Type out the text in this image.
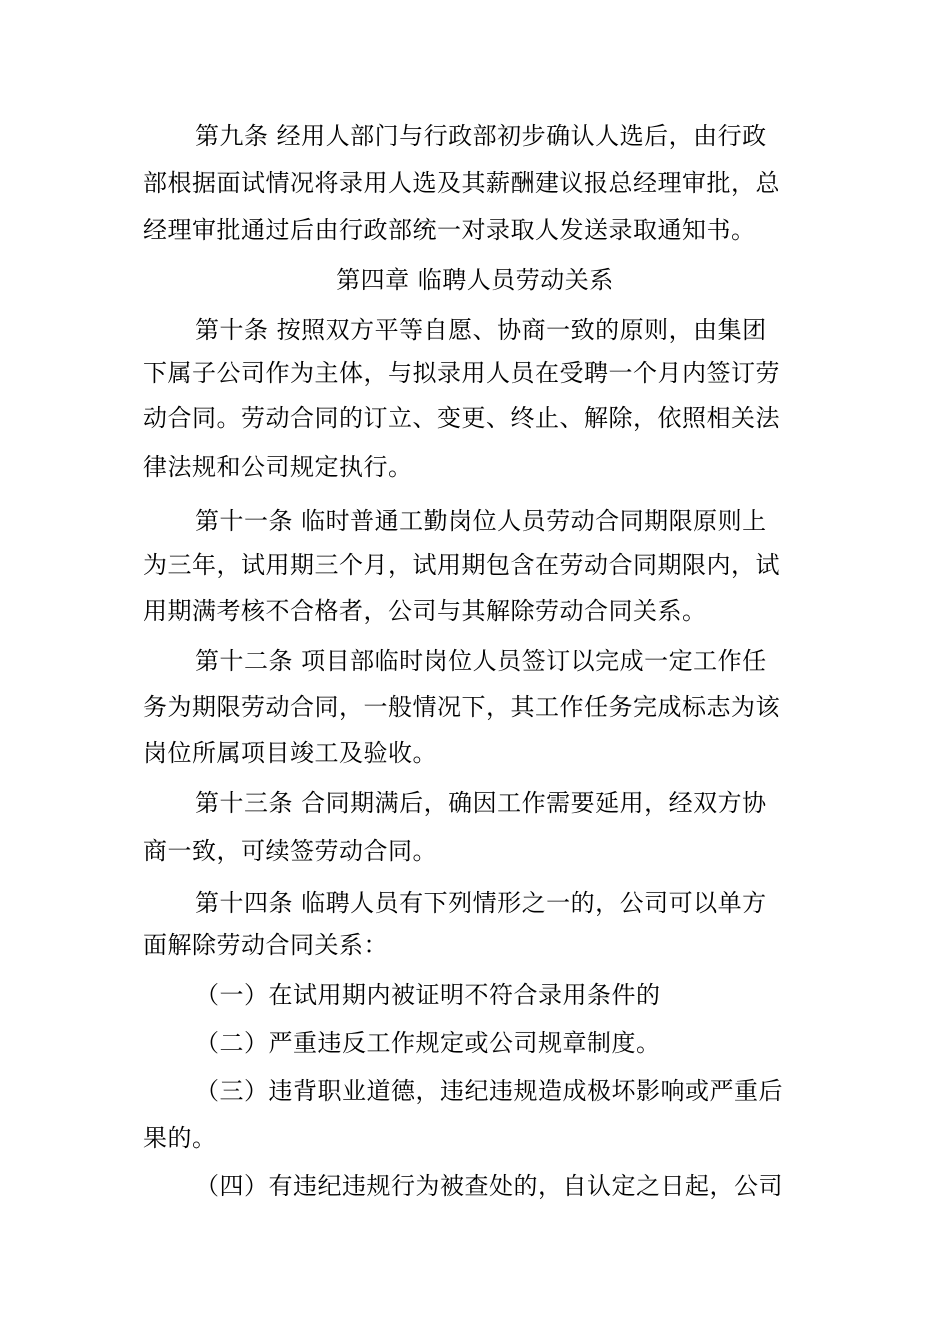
第九条 经用人部门与行政部初步确认人选后，由行政
部根据面试情况将录用人选及其薪酬建议报总经理审批，总
经理审批通过后由行政部统一对录取人发送录取通知书。
第四章 临聘人员劳动关系
第十条 按照双方平等自愿、协商一致的原则，由集团
下属子公司作为主体，与拟录用人员在受聘一个月内签订劳
动合同。劳动合同的订立、变更、终止、解除，依照相关法
律法规和公司规定执行。
第十一条 临时普通工勤岗位人员劳动合同期限原则上
为三年，试用期三个月，试用期包含在劳动合同期限内，试
用期满考核不合格者，公司与其解除劳动合同关系。
第十二条 项目部临时岗位人员签订以完成一定工作任
务为期限劳动合同，一般情况下，其工作任务完成标志为该
岗位所属项目竣工及验收。
第十三条 合同期满后，确因工作需要延用，经双方协
商一致，可续签劳动合同。
第十四条 临聘人员有下列情形之一的，公司可以单方
面解除劳动合同关系：
（一）在试用期内被证明不符合录用条件的
（二）严重违反工作规定或公司规章制度。
（三）违背职业道德，违纪违规造成极坏影响或严重后
果的。
（四）有违纪违规行为被查处的，自认定之日起，公司
